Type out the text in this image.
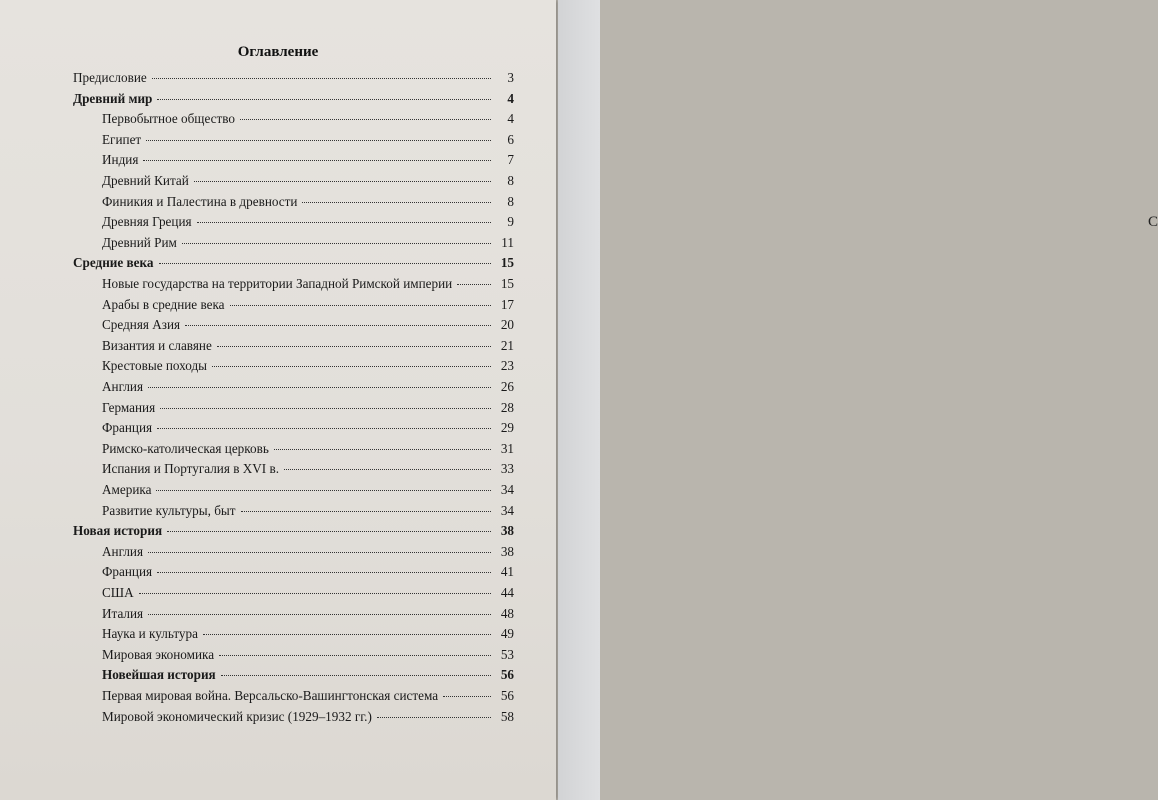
Оглавление
Предисловие	3
Древний мир	4
Первобытное общество	4
Египет	6
Индия	7
Древний Китай	8
Финикия и Палестина в древности	8
Древняя Греция	9
Древний Рим	11
Средние века	15
Новые государства на территории Западной Римской империи	15
Арабы в средние века	17
Средняя Азия	20
Византия и славяне	21
Крестовые походы	23
Англия	26
Германия	28
Франция	29
Римско-католическая церковь	31
Испания и Португалия в XVI в.	33
Америка	34
Развитие культуры, быт	34
Новая история	38
Англия	38
Франция	41
США	44
Италия	48
Наука и культура	49
Мировая экономика	53
Новейшая история	56
Первая мировая война. Версальско-Вашингтонская система	56
Мировой экономический кризис (1929–1932 гг.)	58
С
